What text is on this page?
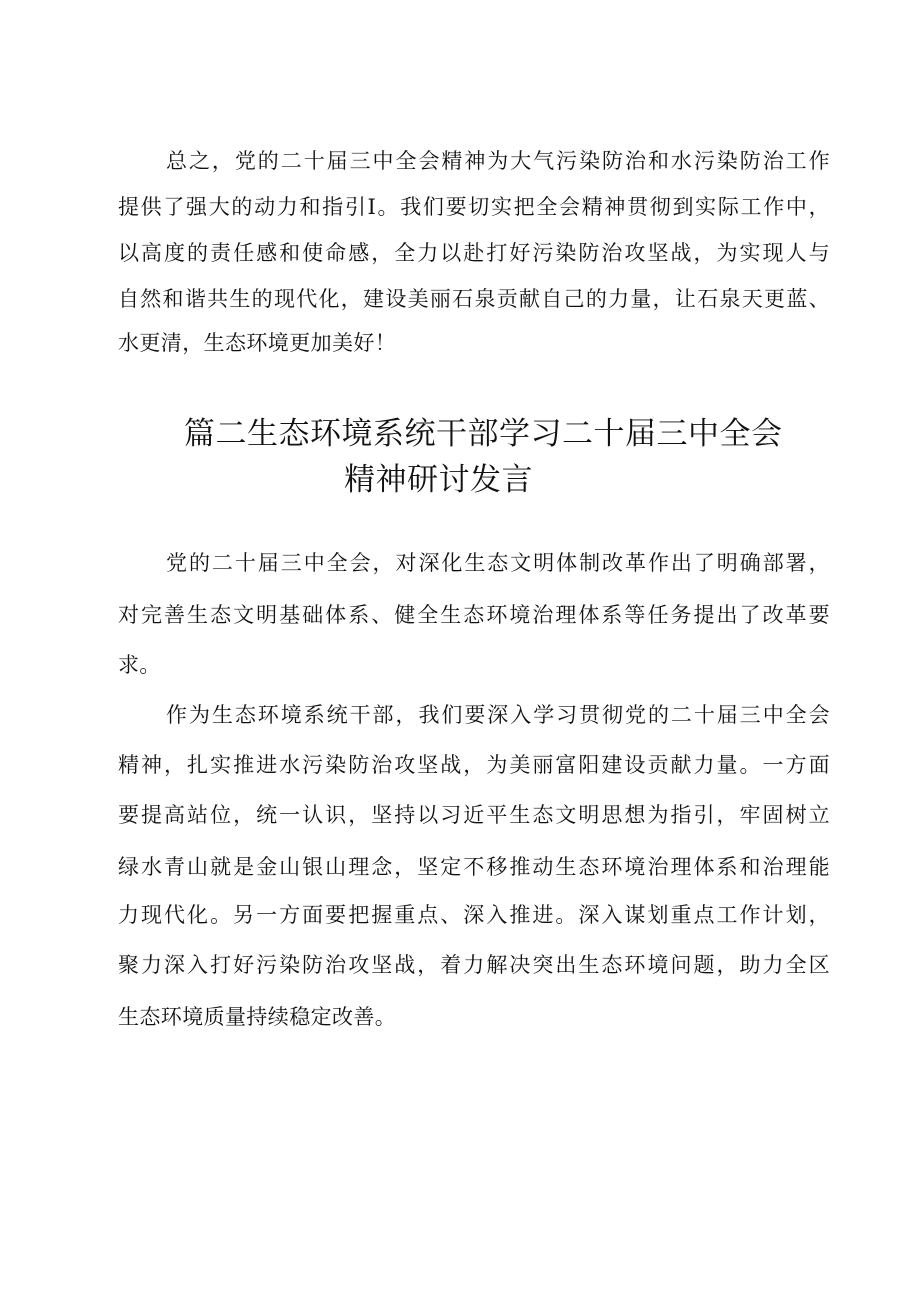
总之，党的二十届三中全会精神为大气污染防治和水污染防治工作
提供了强大的动力和指引I。我们要切实把全会精神贯彻到实际工作中，
以高度的责任感和使命感，全力以赴打好污染防治攻坚战，为实现人与
自然和谐共生的现代化，建设美丽石泉贡献自己的力量，让石泉天更蓝、
水更清，生态环境更加美好！
篇二生态环境系统干部学习二十届三中全会
精神研讨发言
党的二十届三中全会，对深化生态文明体制改革作出了明确部署，
对完善生态文明基础体系、健全生态环境治理体系等任务提出了改革要
求。
作为生态环境系统干部，我们要深入学习贯彻党的二十届三中全会
精神，扎实推进水污染防治攻坚战，为美丽富阳建设贡献力量。一方面
要提高站位，统一认识，坚持以习近平生态文明思想为指引，牢固树立
绿水青山就是金山银山理念，坚定不移推动生态环境治理体系和治理能
力现代化。另一方面要把握重点、深入推进。深入谋划重点工作计划，
聚力深入打好污染防治攻坚战，着力解决突出生态环境问题，助力全区
生态环境质量持续稳定改善。
